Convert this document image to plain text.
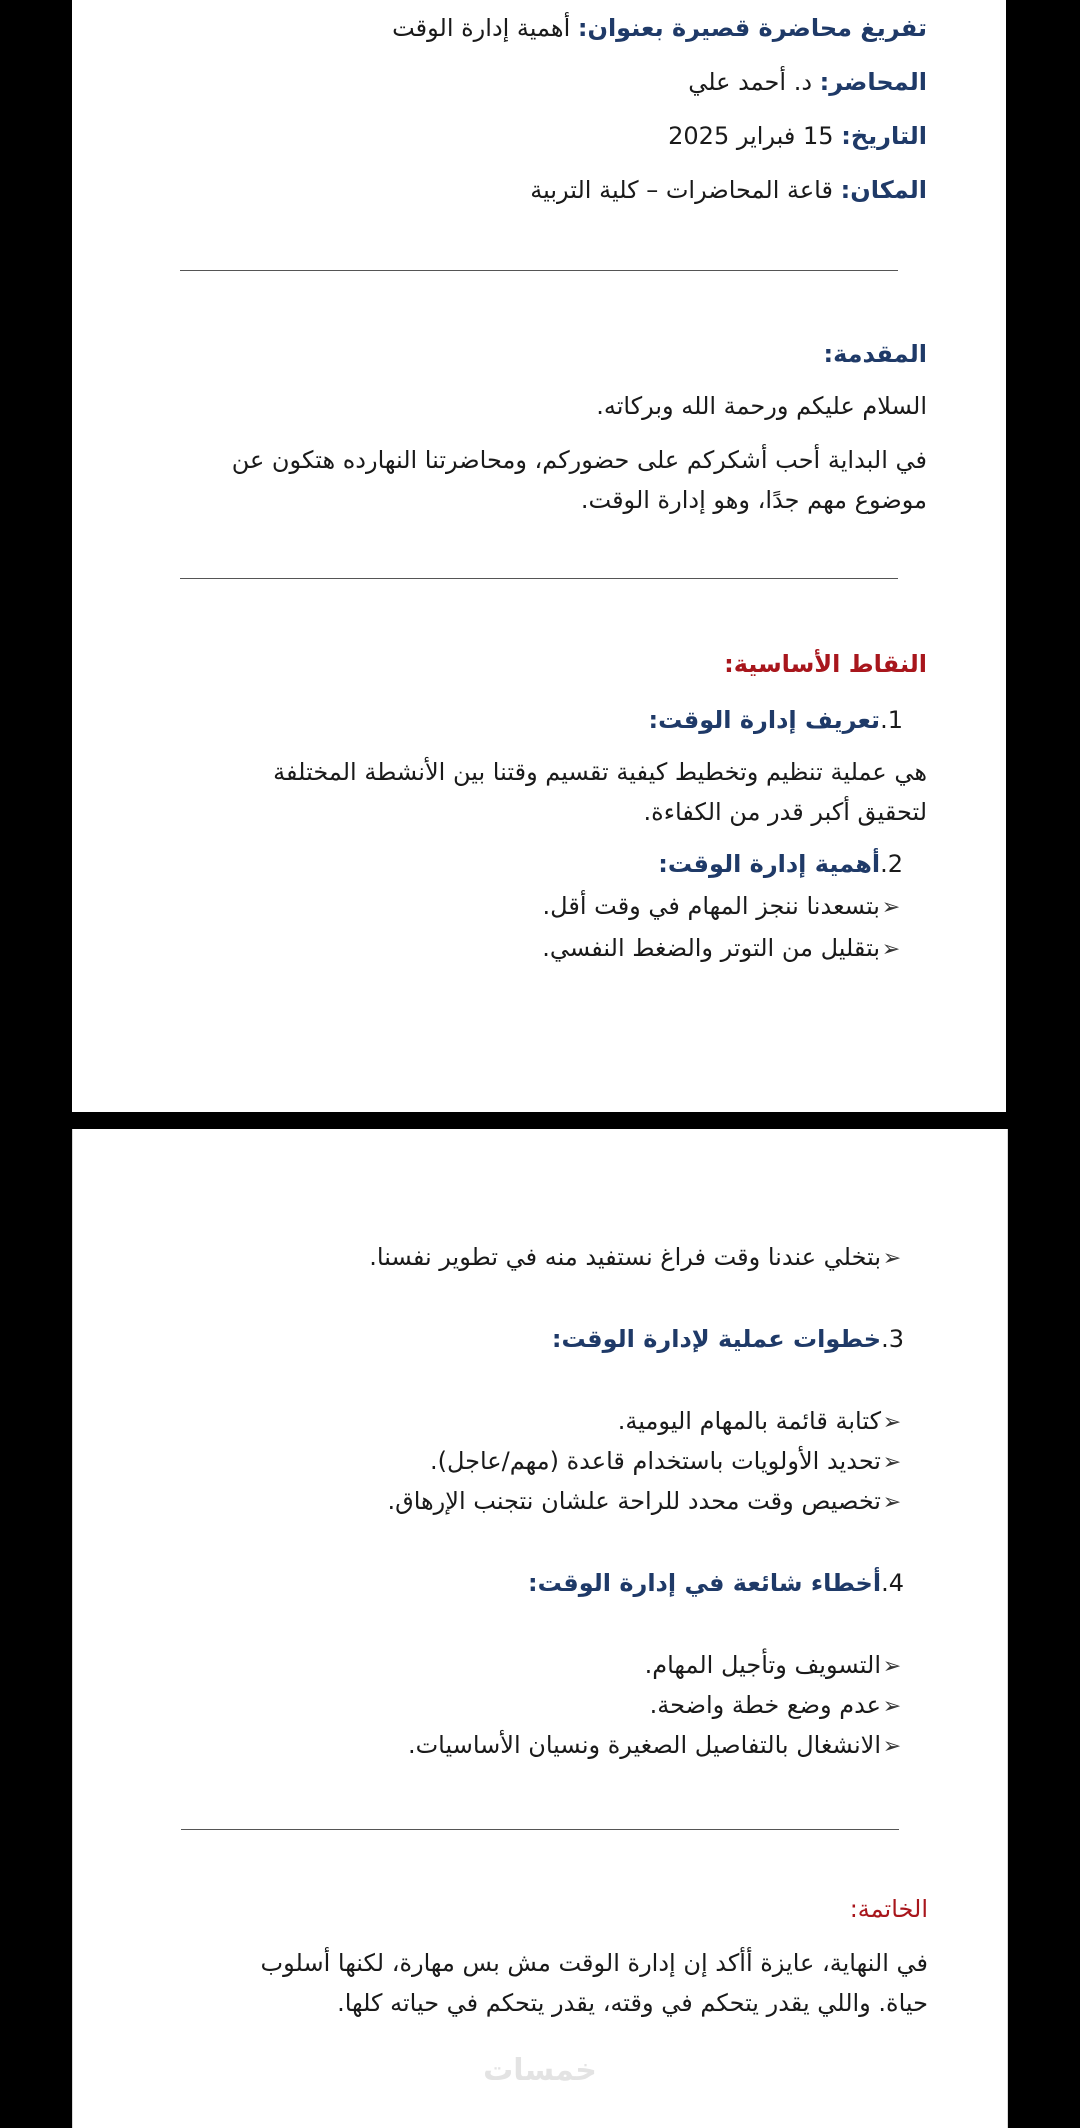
تفريغ محاضرة قصيرة بعنوان: أهمية إدارة الوقت
المحاضر: د. أحمد علي
التاريخ: 15 فبراير 2025
المكان: قاعة المحاضرات – كلية التربية
المقدمة:
السلام عليكم ورحمة الله وبركاته.
في البداية أحب أشكركم على حضوركم، ومحاضرتنا النهارده هتكون عن موضوع مهم جدًا، وهو إدارة الوقت.
النقاط الأساسية:
1.تعريف إدارة الوقت:
هي عملية تنظيم وتخطيط كيفية تقسيم وقتنا بين الأنشطة المختلفة لتحقيق أكبر قدر من الكفاءة.
2.أهمية إدارة الوقت:
➢بتسعدنا ننجز المهام في وقت أقل.
➢بتقليل من التوتر والضغط النفسي.
➢بتخلي عندنا وقت فراغ نستفيد منه في تطوير نفسنا.
3.خطوات عملية لإدارة الوقت:
➢كتابة قائمة بالمهام اليومية.
➢تحديد الأولويات باستخدام قاعدة (مهم/عاجل).
➢تخصيص وقت محدد للراحة علشان نتجنب الإرهاق.
4.أخطاء شائعة في إدارة الوقت:
➢التسويف وتأجيل المهام.
➢عدم وضع خطة واضحة.
➢الانشغال بالتفاصيل الصغيرة ونسيان الأساسيات.
الخاتمة:
في النهاية، عايزة أأكد إن إدارة الوقت مش بس مهارة، لكنها أسلوب حياة. واللي يقدر يتحكم في وقته، يقدر يتحكم في حياته كلها.
خمسات
